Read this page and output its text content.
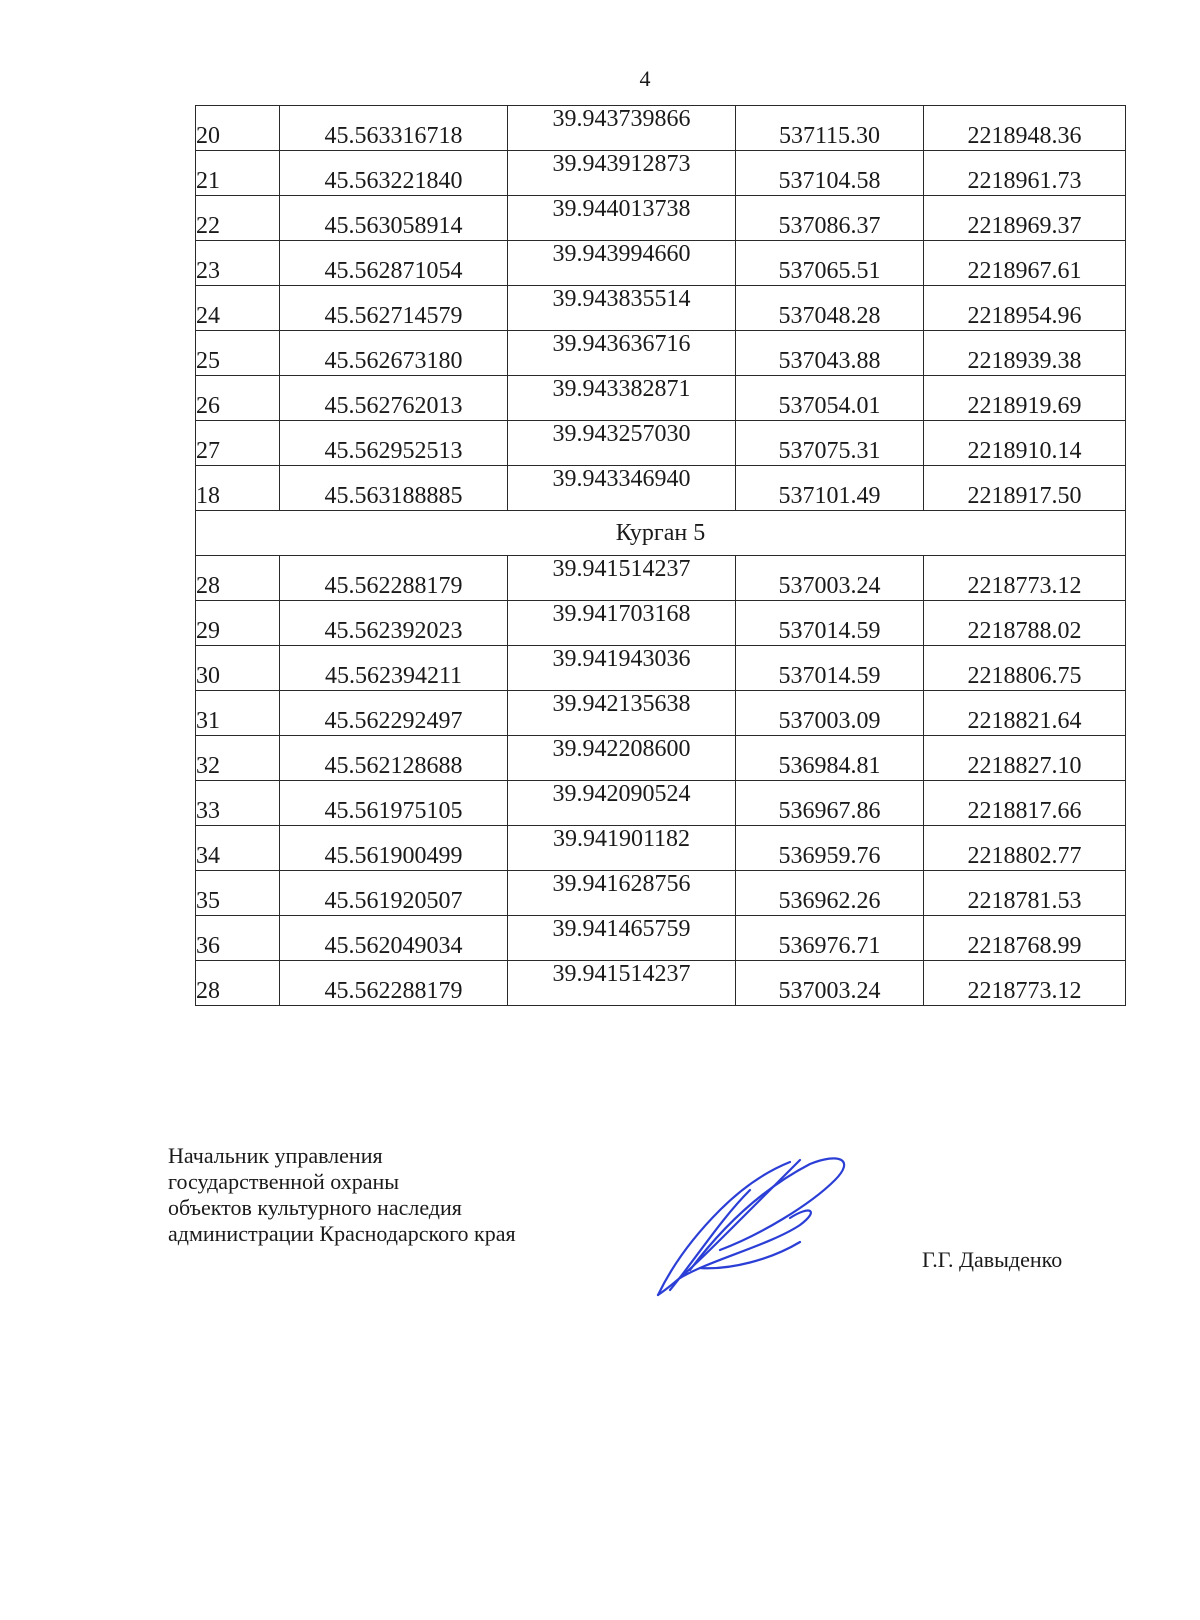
4
20	45.563316718	39.943739866	537115.30	2218948.36
21	45.563221840	39.943912873	537104.58	2218961.73
22	45.563058914	39.944013738	537086.37	2218969.37
23	45.562871054	39.943994660	537065.51	2218967.61
24	45.562714579	39.943835514	537048.28	2218954.96
25	45.562673180	39.943636716	537043.88	2218939.38
26	45.562762013	39.943382871	537054.01	2218919.69
27	45.562952513	39.943257030	537075.31	2218910.14
18	45.563188885	39.943346940	537101.49	2218917.50
Курган 5				
28	45.562288179	39.941514237	537003.24	2218773.12
29	45.562392023	39.941703168	537014.59	2218788.02
30	45.562394211	39.941943036	537014.59	2218806.75
31	45.562292497	39.942135638	537003.09	2218821.64
32	45.562128688	39.942208600	536984.81	2218827.10
33	45.561975105	39.942090524	536967.86	2218817.66
34	45.561900499	39.941901182	536959.76	2218802.77
35	45.561920507	39.941628756	536962.26	2218781.53
36	45.562049034	39.941465759	536976.71	2218768.99
28	45.562288179	39.941514237	537003.24	2218773.12
Начальник управления
государственной охраны
объектов культурного наследия
администрации Краснодарского края
Г.Г. Давыденко
